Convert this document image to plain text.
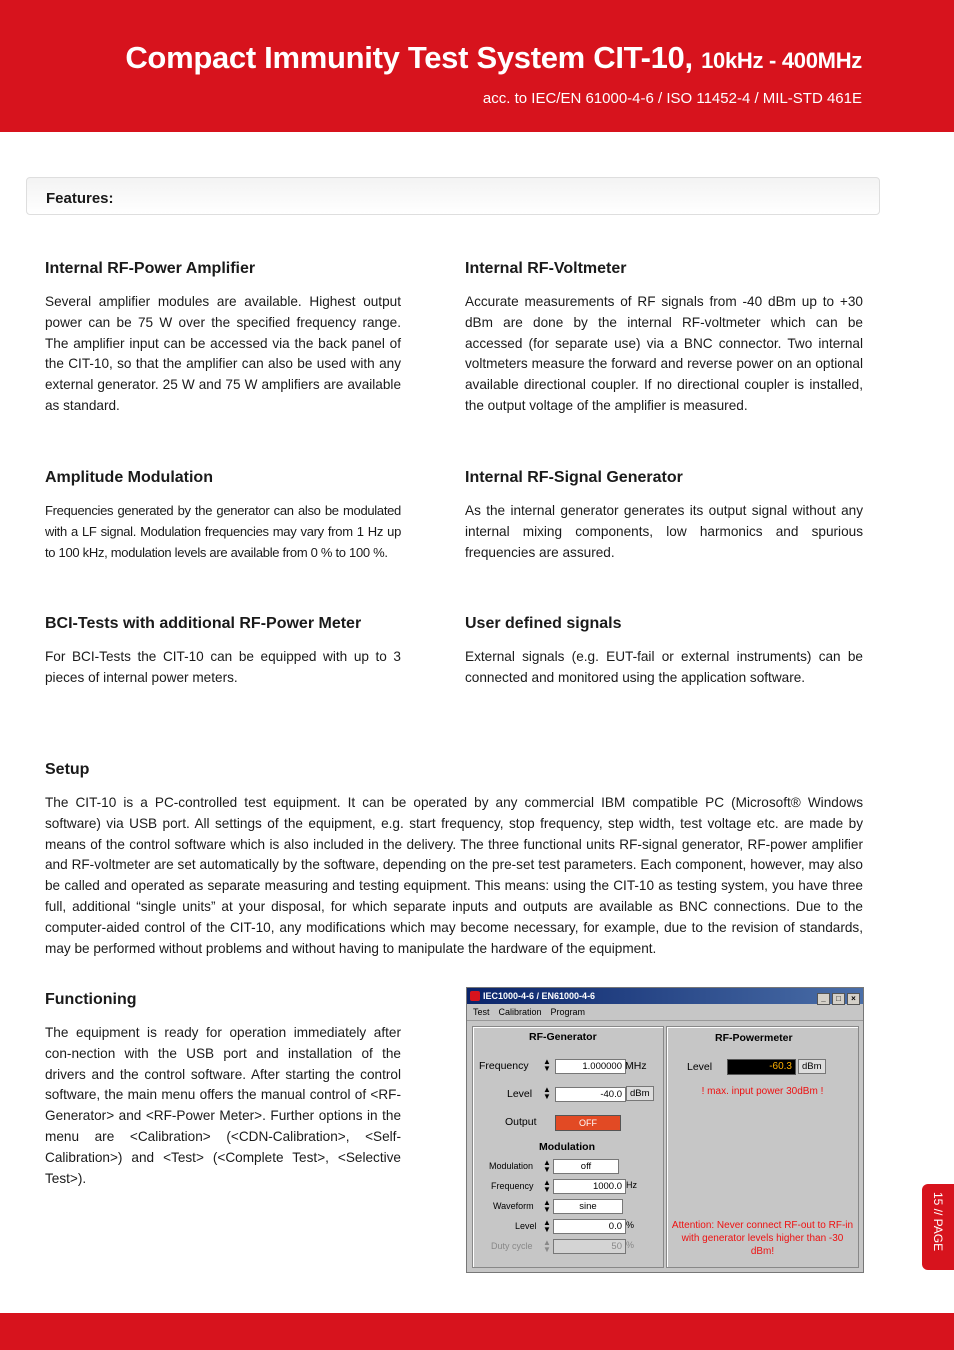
Compact Immunity Test System CIT-10, 10kHz - 400MHz
acc. to IEC/EN 61000-4-6 / ISO 11452-4 / MIL-STD 461E
Features:
Internal RF-Power Amplifier

Several amplifier modules are available. Highest output power can be 75 W over the specified frequency range. The amplifier input can be accessed via the back panel of the CIT-10, so that the amplifier can also be used with any external generator. 25 W and 75 W amplifiers are available as standard.

Internal RF-Voltmeter

Accurate measurements of RF signals from -40 dBm up to +30 dBm are done by the internal RF-voltmeter which can be accessed (for separate use) via a BNC connector. Two internal voltmeters measure the forward and reverse power on an optional available directional coupler. If no directional coupler is installed, the output voltage of the amplifier is measured.

Amplitude Modulation

Frequencies generated by the generator can also be modulated with a LF signal. Modulation frequencies may vary from 1 Hz up to 100 kHz, modulation levels are available from 0 % to 100 %.

Internal RF-Signal Generator

As the internal generator generates its output signal without any internal mixing components, low harmonics and spurious frequencies are assured.

BCI-Tests with additional RF-Power Meter

For BCI-Tests the CIT-10 can be equipped with up to 3 pieces of internal power meters.

User defined signals

External signals (e.g. EUT-fail or external instruments) can be connected and monitored using the application software.

Setup

The CIT-10 is a PC-controlled test equipment. It can be operated by any commercial IBM compatible PC (Microsoft® Windows software) via USB port. All settings of the equipment, e.g. start frequency, stop frequency, step width, test voltage etc. are made by means of the control software which is also included in the delivery. The three functional units RF-signal generator, RF-power amplifier and RF-voltmeter are set automatically by the software, depending on the pre-set test parameters. Each component, however, may also be called and operated as separate measuring and testing equipment. This means: using the CIT-10 as testing system, you have three full, additional “single units” at your disposal, for which separate inputs and outputs are available as BNC connections. Due to the computer-aided control of the CIT-10, any modifications which may become necessary, for example, due to the revision of standards, may be performed without problems and without having to manipulate the hardware of the equipment.

Functioning

The equipment is ready for operation immediately after con-nection with the USB port and installation of the drivers and the control software. After starting the control software, the main menu offers the manual control of <RF-Generator> and <RF-Power Meter>. Further options in the menu are <Calibration> (<CDN-Calibration>, <Self-Calibration>) and <Test> (<Complete Test>, <Selective Test>).

IEC1000-4-6 / EN61000-4-6	_ □ ×
Test Calibration Program
RF-Generator
Frequency ▲
▼	1.000000 MHz
Level ▲
▼	-40.0 dBm
Output	OFF
Modulation
Modulation ▲
▼	off
Frequency ▲
▼	1000.0 Hz
Waveform ▲
▼	sine
Level ▲
▼	0.0 %
Duty cycle ▲
▼	50 %
RF-Powermeter
Level	-60.3	dBm
! max. input power 30dBm !
Attention: Never connect RF-out to RF-in with generator levels higher than -30 dBm!
15 // PAGE
